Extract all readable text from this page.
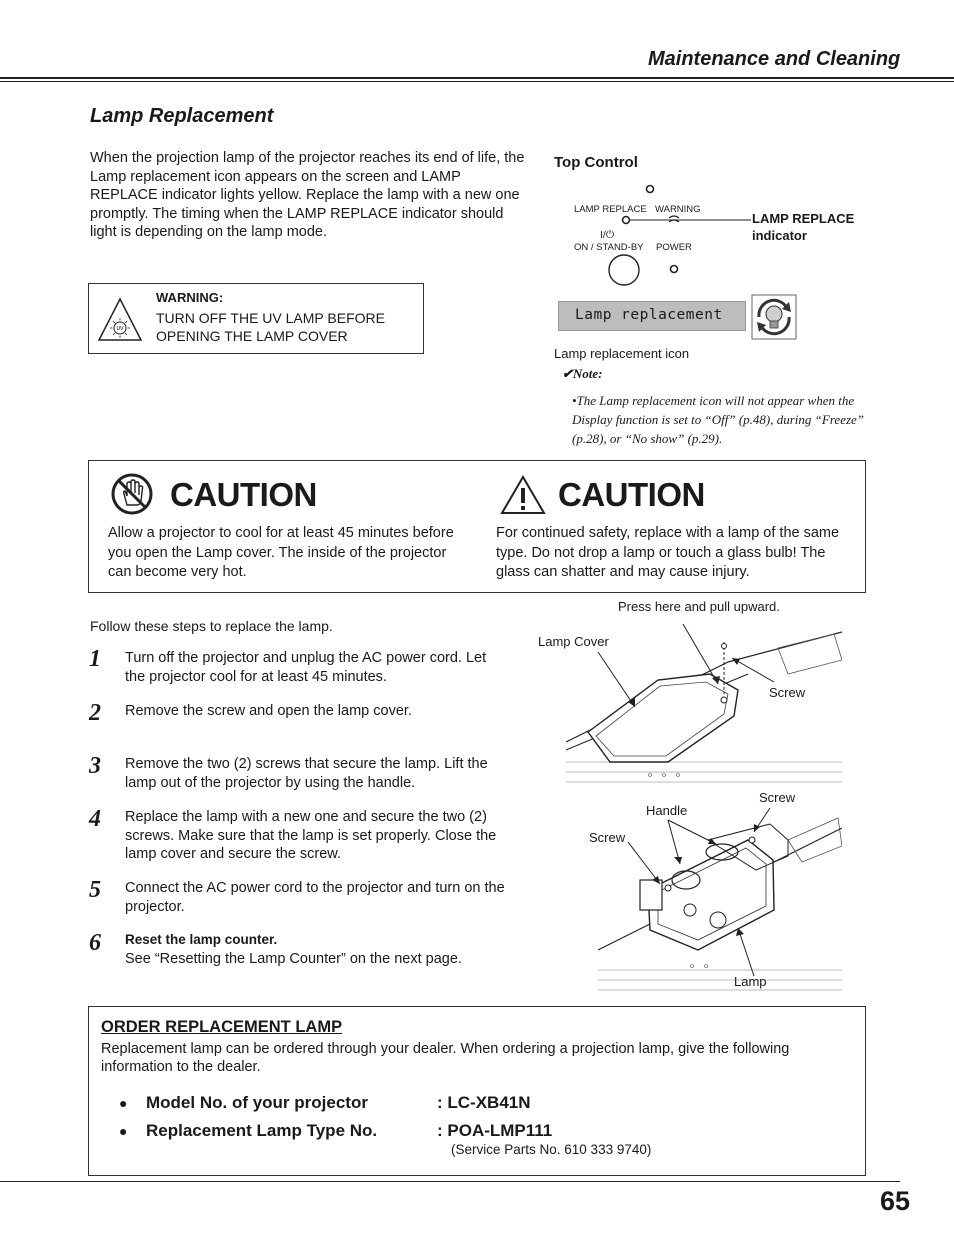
Maintenance and Cleaning
Lamp Replacement
When the projection lamp of the projector reaches its end of life, the Lamp replacement icon appears on the screen and LAMP REPLACE indicator lights yellow. Replace the lamp with a new one promptly. The timing when the LAMP REPLACE indicator should light is depending on the lamp mode.
UV
WARNING:
TURN OFF THE UV LAMP BEFORE
OPENING THE LAMP COVER
Top Control
LAMP REPLACE WARNING
I/⏻
ON / STAND-BY POWER
LAMP REPLACE
indicator
Lamp replacement
Lamp replacement icon
✔Note:
•The Lamp replacement icon will not appear when the Display function is set to “Off” (p.48), during “Freeze” (p.28), or “No show” (p.29).
CAUTION
Allow a projector to cool for at least 45 minutes before you open the Lamp cover. The inside of the projector can become very hot.
CAUTION
For continued safety, replace with a lamp of the same type. Do not drop a lamp or touch a glass bulb! The glass can shatter and may cause injury.
Follow these steps to replace the lamp.
1 Turn off the projector and unplug the AC power cord. Let the projector cool for at least 45 minutes.
2 Remove the screw and open the lamp cover.
3 Remove the two (2) screws that secure the lamp. Lift the lamp out of the projector by using the handle.
4 Replace the lamp with a new one and secure the two (2) screws. Make sure that the lamp is set properly. Close the lamp cover and secure the screw.
5 Connect the AC power cord to the projector and turn on the projector.
6 Reset the lamp counter.
See “Resetting the Lamp Counter” on the next page.
Press here and pull upward.
Lamp Cover
Screw
Screw
Handle
Screw
Lamp
ORDER REPLACEMENT LAMP
Replacement lamp can be ordered through your dealer. When ordering a projection lamp, give the following information to the dealer.
● Model No. of your projector	: LC-XB41N
● Replacement Lamp Type No.	: POA-LMP111
(Service Parts No. 610 333 9740)
65
